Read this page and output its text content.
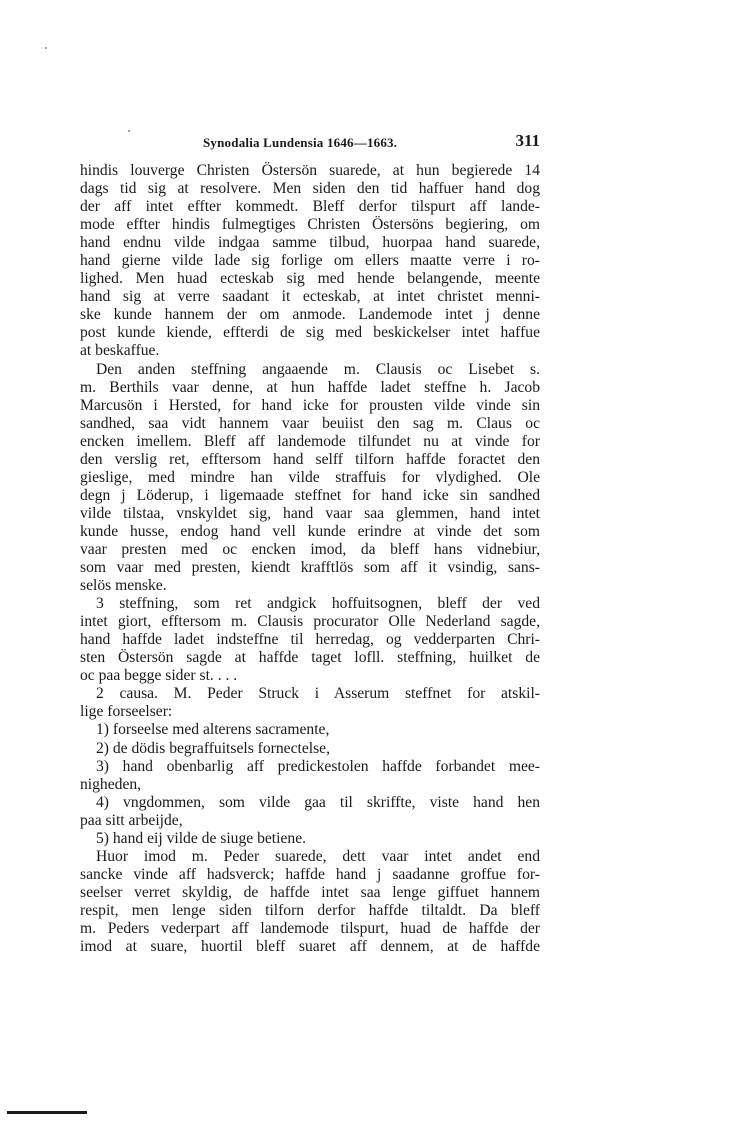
Synodalia Lundensia 1646—1663.	311
hindis louverge Christen Östersön suarede, at hun begierede 14
dags tid sig at resolvere. Men siden den tid haffuer hand dog
der aff intet effter kommedt. Bleff derfor tilspurt aff lande-
mode effter hindis fulmegtiges Christen Östersöns begiering, om
hand endnu vilde indgaa samme tilbud, huorpaa hand suarede,
hand gierne vilde lade sig forlige om ellers maatte verre i ro-
lighed. Men huad ecteskab sig med hende belangende, meente
hand sig at verre saadant it ecteskab, at intet christet menni-
ske kunde hannem der om anmode. Landemode intet j denne
post kunde kiende, effterdi de sig med beskickelser intet haffue
at beskaffue.
Den anden steffning angaaende m. Clausis oc Lisebet s.
m. Berthils vaar denne, at hun haffde ladet steffne h. Jacob
Marcusön i Hersted, for hand icke for prousten vilde vinde sin
sandhed, saa vidt hannem vaar beuiist den sag m. Claus oc
encken imellem. Bleff aff landemode tilfundet nu at vinde for
den verslig ret, efftersom hand selff tilforn haffde foractet den
gieslige, med mindre han vilde straffuis for vlydighed. Ole
degn j Löderup, i ligemaade steffnet for hand icke sin sandhed
vilde tilstaa, vnskyldet sig, hand vaar saa glemmen, hand intet
kunde husse, endog hand vell kunde erindre at vinde det som
vaar presten med oc encken imod, da bleff hans vidnebiur,
som vaar med presten, kiendt krafftlös som aff it vsindig, sans-
selös menske.
3 steffning, som ret andgick hoffuitsognen, bleff der ved
intet giort, efftersom m. Clausis procurator Olle Nederland sagde,
hand haffde ladet indsteffne til herredag, og vedderparten Chri-
sten Östersön sagde at haffde taget lofll. steffning, huilket de
oc paa begge sider st. . . .
2 causa. M. Peder Struck i Asserum steffnet for atskil-
lige forseelser:
1) forseelse med alterens sacramente,
2) de dödis begraffuitsels fornectelse,
3) hand obenbarlig aff predickestolen haffde forbandet mee-
nigheden,
4) vngdommen, som vilde gaa til skriffte, viste hand hen
paa sitt arbeijde,
5) hand eij vilde de siuge betiene.
Huor imod m. Peder suarede, dett vaar intet andet end
sancke vinde aff hadsverck; haffde hand j saadanne groffue for-
seelser verret skyldig, de haffde intet saa lenge giffuet hannem
respit, men lenge siden tilforn derfor haffde tiltaldt. Da bleff
m. Peders vederpart aff landemode tilspurt, huad de haffde der
imod at suare, huortil bleff suaret aff dennem, at de haffde
